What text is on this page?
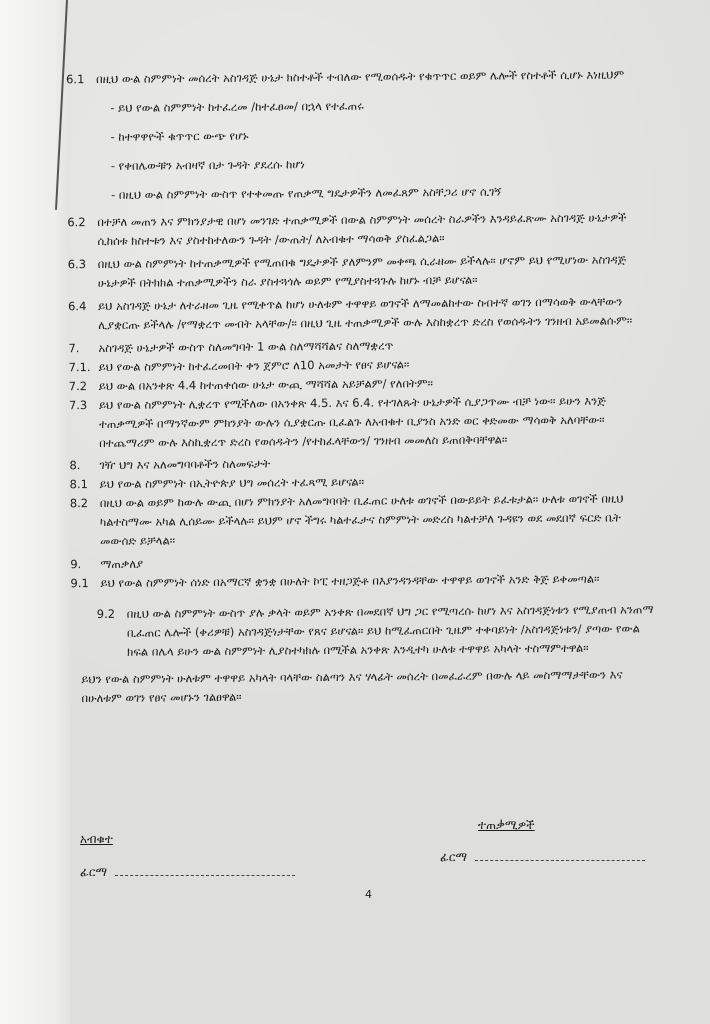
6.1 በዚህ ውል ስምምነት መሰረት አስገዳጅ ሁኔታ ክስተቶች ተብለው የሚወሰዱት የቁጥጥር ወይም ሌሎች የስተቶች ሲሆኑ እነዚህም
- ይህ የውል ስምምነት ከተፈረመ /ከተፈፀመ/ በኋላ የተፈጠሩ
- ከተዋዋዮች ቁጥጥር ውጭ የሆኑ
- የቀበሌውቹን አብዛኛ በታ ጉዳት ያደረሱ ከሆነ
- በዚህ ውል ስምምነት ውስጥ የተቀመጡ የጠቃሚ ግዴታዎችን ለመፈጸም አስቸጋሪ ሆኖ ሲገኝ
6.2 በተቻለ መጠን እና ምክንያታዊ በሆነ መንገድ ተጠቃሚዎች በውል ስምምነት መሰረት ስራዎችን እንዳይፈጽሙ አስገዳጅ ሁኔታዎች ሲከሰቱ ክስተቱን እና ያስተከተለውን ጉዳት /ውጤት/ ለአብቁተ ማሳወቅ ያስፈልጋል።
6.3 በዚህ ውል ስምምነት ከተጠቃሚዎች የሚጠበቁ ግዴታዎች ያለምንም መቀጫ ሲራዘሙ ይችላሉ። ሆኖም ይህ የሚሆነው አስገዳጅ ሁኔታዎች በትክክል ተጠቃሚዎችን ስራ ያስተጓጎሉ ወይም የሚያስተጓጉሉ ከሆኑ ብቻ ይሆናል።
6.4 ይህ አስገዳጅ ሁኔታ ለተራዘመ ጊዜ የሚቀጥል ከሆነ ሁለቱም ተዋዋይ ወገኖች ለማመልከተው ስብተኛ ወገን በማሳወቅ ውላቸውን ሊያቋርጡ ይችላሉ /የማቋረጥ መብት አላቸው/። በዚህ ጊዜ ተጠቃሚዎች ውሉ እስከቋረጥ ድረስ የወሰዱትን ገንዘብ አይመልሱም።
7. አስገዳጅ ሁኔታዎች ውስጥ ስለመግባት 1 ውል ስለማሻሻልና ስለማቋረጥ
7.1. ይህ የውል ስምምነት ከተፈረመበት ቀን ጀምሮ ለ10 አመታት የፀና ይሆናል።
7.2 ይህ ውል በአንቀጽ 4.4 ከተጠቀሰው ሁኔታ ውጪ ማሻሻል አይቻልም/ የለበትም።
7.3 ይህ የውል ስምምነት ሊቋረጥ የሚችለው በአንቀጽ 4.5. እና 6.4. የተገለጹት ሁኔታዎች ሲያጋጥሙ ብቻ ነው። ይሁን እንጅ ተጠቃሚዎች በማንኛውም ምክንያት ውሉን ሲያቋርጡ ቢፈልጉ ለአብቁተ ቢያንስ አንድ ወር ቀድመው ማሳወቅ አለባቸው። በተጨማሪም ውሉ እስኪቋረጥ ድረስ የወሰዱትን /የተከፈላቸውን/ ገንዘብ መመለስ ይጠበቅባቸዋል።
8. ገዥ ህግ እና አለመግባባቶችን ስለመፍታት
8.1 ይህ የውል ስምምነት በኢትዮጵያ ህግ መሰረት ተፈጻሚ ይሆናል።
8.2 በዚህ ውል ወይም ከውሉ ውጪ በሆነ ምክንያት አለመግባባት ቢፈጠር ሁለቱ ወገኖች በውይይት ይፈቱታል። ሁለቱ ወገኖች በዚህ ካልተስማሙ አካል ሊሰይሙ ይችላሉ። ይህም ሆኖ ችግሩ ካልተፈታና ስምምነት መድረስ ካልተቻለ ጉዳዩን ወደ መደበኛ ፍርድ ቤት መውሰድ ይቻላል።
9. ማጠቃለያ
9.1 ይህ የውል ስምምነት ሰነድ በአማርኛ ቋንቋ በሁለት ኮፒ ተዘጋጅቶ በእያንዳንዳቸው ተዋዋይ ወገኖች አንድ ቅጅ ይቀመጣል።
9.2 በዚህ ውል ስምምነት ውስጥ ያሉ ቃላት ወይም አንቀጽ በመደበኛ ህግ ጋር የሚጣረሱ ከሆነ እና አስገዳጅነቱን የሚያጠብ አንጠማ ቢፈጠር ሌሎች (ቀሪዎቹ) አስገዳጅነታቸው የጸና ይሆናል። ይህ ከሚፈጠርበት ጊዜም ተቀባይነት /አስገዳጅነቱን/ ያጣው የውል ክፍል በሌላ ይሁን ውል ስምምነት ሊያስተካክሉ በሚችል አንቀጽ እንዲተካ ሁለቱ ተዋዋይ አካላት ተስማምተዋል።
ይህን የውል ስምምነት ሁለቱም ተዋዋይ አካላት ባላቸው ስልጣን እና ሃላፊት መሰረት በመፈራረም በውሉ ላይ መስማማታቸውን እና በሁለቱም ወገን የፀና መሆኑን ገልፀዋል።
ተጠቃሚዎች
አብቁተ
ፊርማ
ፊርማ
4
